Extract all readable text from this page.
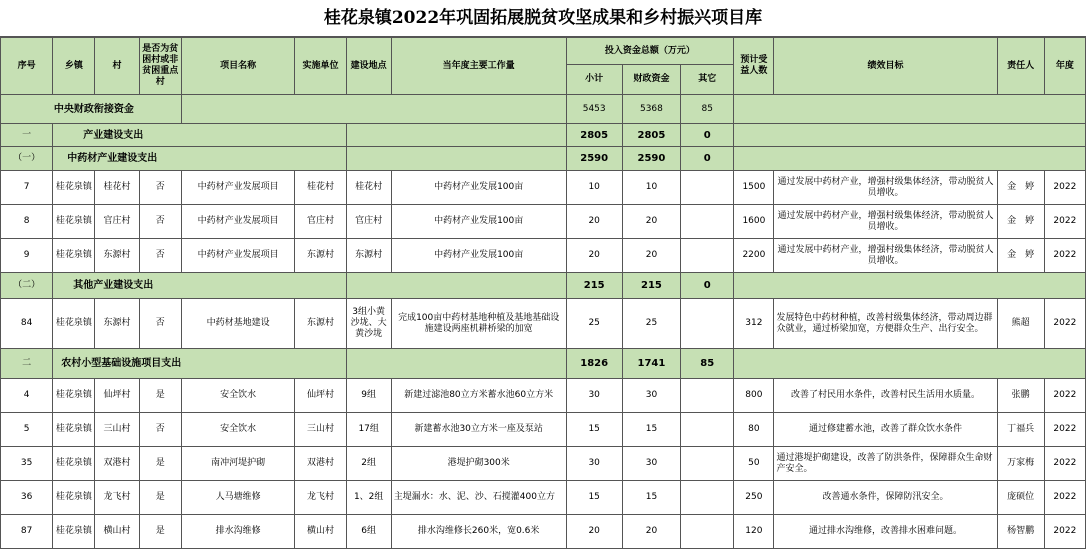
桂花泉镇2022年巩固拓展脱贫攻坚成果和乡村振兴项目库
序号	乡镇	村	是否为贫困村或非贫困重点村	项目名称	实施单位	建设地点	当年度主要工作量	投入资金总额（万元）			预计受益人数	绩效目标	责任人	年度
								小计	财政资金	其它				
中央财政衔接资金								5453	5368	85				
一	产业建设支出							2805	2805	0				
（一）	中药材产业建设支出							2590	2590	0				
7	桂花泉镇	桂花村	否	中药材产业发展项目	桂花村	桂花村	中药材产业发展100亩	10	10		1500	通过发展中药材产业，增强村级集体经济，带动脱贫人员增收。	金　婷	2022
8	桂花泉镇	官庄村	否	中药材产业发展项目	官庄村	官庄村	中药材产业发展100亩	20	20		1600	通过发展中药材产业，增强村级集体经济，带动脱贫人员增收。	金　婷	2022
9	桂花泉镇	东源村	否	中药材产业发展项目	东源村	东源村	中药材产业发展100亩	20	20		2200	通过发展中药材产业，增强村级集体经济，带动脱贫人员增收。	金　婷	2022
（二）	其他产业建设支出							215	215	0				
84	桂花泉镇	东源村	否	中药材基地建设	东源村	3组小黄沙垅、大黄沙垅	完成100亩中药材基地种植及基地基础设施建设两座机耕桥梁的加宽	25	25		312	发展特色中药材种植，改善村级集体经济，带动周边群众就业，通过桥梁加宽，方便群众生产、出行安全。	熊超	2022
二	农村小型基础设施项目支出							1826	1741	85				
4	桂花泉镇	仙坪村	是	安全饮水	仙坪村	9组	新建过滤池80立方米蓄水池60立方米	30	30		800	改善了村民用水条件，改善村民生活用水质量。	张鹏	2022
5	桂花泉镇	三山村	否	安全饮水	三山村	17组	新建蓄水池30立方米一座及泵站	15	15		80	通过修建蓄水池，改善了群众饮水条件	丁福兵	2022
35	桂花泉镇	双港村	是	南冲河堤护砌	双港村	2组	港堤护砌300米	30	30		50	通过港堤护砌建设，改善了防洪条件，保障群众生命财产安全。	万家梅	2022
36	桂花泉镇	龙飞村	是	人马塘维修	龙飞村	1、2组	主堤漏水：水、泥、沙、石搅灌400立方	15	15		250	改善通水条件，保障防汛安全。	庞硕位	2022
87	桂花泉镇	横山村	是	排水沟维修	横山村	6组	排水沟维修长260米，宽0.6米	20	20		120	通过排水沟维修，改善排水困难问题。	杨智鹏	2022
